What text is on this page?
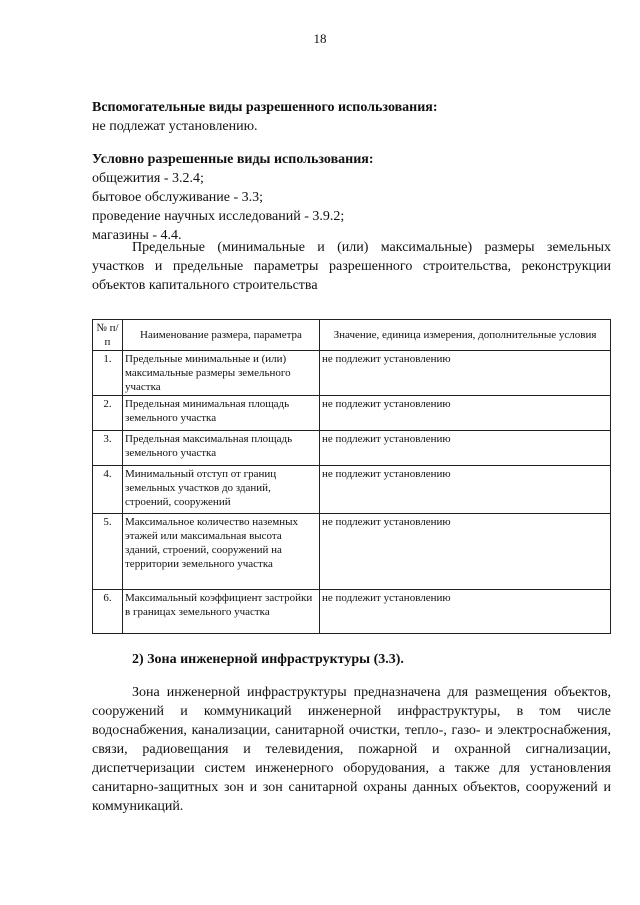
18
Вспомогательные виды разрешенного использования:
не подлежат установлению.
Условно разрешенные виды использования:
общежития - 3.2.4;
бытовое обслуживание - 3.3;
проведение научных исследований - 3.9.2;
магазины - 4.4.
Предельные (минимальные и (или) максимальные) размеры земельных участков и предельные параметры разрешенного строительства, реконструкции объектов капитального строительства
№ п/п	Наименование размера, параметра	Значение, единица измерения, дополнительные условия
1.	Предельные минимальные и (или) максимальные размеры земельного участка	не подлежит установлению
2.	Предельная минимальная площадь земельного участка	не подлежит установлению
3.	Предельная максимальная площадь земельного участка	не подлежит установлению
4.	Минимальный отступ от границ земельных участков до зданий, строений, сооружений	не подлежит установлению
5.	Максимальное количество наземных этажей или максимальная высота зданий, строений, сооружений на территории земельного участка	не подлежит установлению
6.	Максимальный коэффициент застройки в границах земельного участка	не подлежит установлению
2) Зона инженерной инфраструктуры (3.3).
Зона инженерной инфраструктуры предназначена для размещения объектов, сооружений и коммуникаций инженерной инфраструктуры, в том числе водоснабжения, канализации, санитарной очистки, тепло-, газо- и электроснабжения, связи, радиовещания и телевидения, пожарной и охранной сигнализации, диспетчеризации систем инженерного оборудования, а также для установления санитарно-защитных зон и зон санитарной охраны данных объектов, сооружений и коммуникаций.
